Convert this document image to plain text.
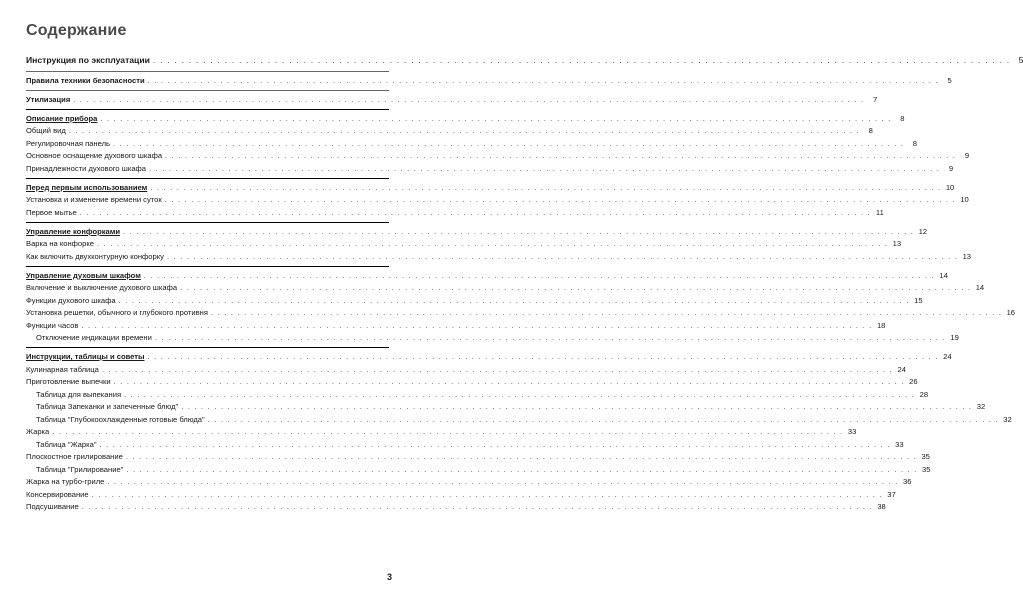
Содержание
Инструкция по эксплуатации . . . . . . . . . . . . . . . . . . . . . . . . . . . . . . . . . . . . . . . . . . . . . . . . . . . . . . . . . . . . . . . . . . . . . . . . . . . . . . . . . . . . . . . . . . . . . . . . . . . . . . . . . . . . . . . . . . . . . . . . 5
Правила техники безопасности . . . . . . . . . . . . . . . . . . . . . . . . . . . . . . . . . . . . . . . . . . . . . . . . . . . . . . . . . . . . . . . . . . . . . . . . . . . . . . . . . . . . . . . . . . . . . . . . . . . . . . . . . . . . . . . . . . . . . . . .	5
Утилизация . . . . . . . . . . . . . . . . . . . . . . . . . . . . . . . . . . . . . . . . . . . . . . . . . . . . . . . . . . . . . . . . . . . . . . . . . . . . . . . . . . . . . . . . . . . . . . . . . . . . . . . . . . . . . . . . . . . . . . . .	7
Описание прибора . . . . . . . . . . . . . . . . . . . . . . . . . . . . . . . . . . . . . . . . . . . . . . . . . . . . . . . . . . . . . . . . . . . . . . . . . . . . . . . . . . . . . . . . . . . . . . . . . . . . . . . . . . . . . . . . . . . . . . . .	8
Общий вид . . . . . . . . . . . . . . . . . . . . . . . . . . . . . . . . . . . . . . . . . . . . . . . . . . . . . . . . . . . . . . . . . . . . . . . . . . . . . . . . . . . . . . . . . . . . . . . . . . . . . . . . . . . . . . . . . . . . . . . .	8
Регулировочная панель . . . . . . . . . . . . . . . . . . . . . . . . . . . . . . . . . . . . . . . . . . . . . . . . . . . . . . . . . . . . . . . . . . . . . . . . . . . . . . . . . . . . . . . . . . . . . . . . . . . . . . . . . . . . . . . . . . . . . . . .	8
Основное оснащение духового шкафа . . . . . . . . . . . . . . . . . . . . . . . . . . . . . . . . . . . . . . . . . . . . . . . . . . . . . . . . . . . . . . . . . . . . . . . . . . . . . . . . . . . . . . . . . . . . . . . . . . . . . . . . . . . . . . . . . . . . . . . .	9
Принадлежности духового шкафа . . . . . . . . . . . . . . . . . . . . . . . . . . . . . . . . . . . . . . . . . . . . . . . . . . . . . . . . . . . . . . . . . . . . . . . . . . . . . . . . . . . . . . . . . . . . . . . . . . . . . . . . . . . . . . . . . . . . . . . .	9
Перед первым использованием . . . . . . . . . . . . . . . . . . . . . . . . . . . . . . . . . . . . . . . . . . . . . . . . . . . . . . . . . . . . . . . . . . . . . . . . . . . . . . . . . . . . . . . . . . . . . . . . . . . . . . . . . . . . . . . . . . . . . . . . 10
Установка и изменение времени суток . . . . . . . . . . . . . . . . . . . . . . . . . . . . . . . . . . . . . . . . . . . . . . . . . . . . . . . . . . . . . . . . . . . . . . . . . . . . . . . . . . . . . . . . . . . . . . . . . . . . . . . . . . . . . . . . . . . . . . . . 10
Первое мытье . . . . . . . . . . . . . . . . . . . . . . . . . . . . . . . . . . . . . . . . . . . . . . . . . . . . . . . . . . . . . . . . . . . . . . . . . . . . . . . . . . . . . . . . . . . . . . . . . . . . . . . . . . . . . . . . . . . . . . . . 11
Управление конфорками . . . . . . . . . . . . . . . . . . . . . . . . . . . . . . . . . . . . . . . . . . . . . . . . . . . . . . . . . . . . . . . . . . . . . . . . . . . . . . . . . . . . . . . . . . . . . . . . . . . . . . . . . . . . . . . . . . . . . . . . 12
Варка на конфорке . . . . . . . . . . . . . . . . . . . . . . . . . . . . . . . . . . . . . . . . . . . . . . . . . . . . . . . . . . . . . . . . . . . . . . . . . . . . . . . . . . . . . . . . . . . . . . . . . . . . . . . . . . . . . . . . . . . . . . . . 13
Как включить двухконтурную конфорку . . . . . . . . . . . . . . . . . . . . . . . . . . . . . . . . . . . . . . . . . . . . . . . . . . . . . . . . . . . . . . . . . . . . . . . . . . . . . . . . . . . . . . . . . . . . . . . . . . . . . . . . . . . . . . . . . . . . . . . . 13
Управление духовым шкафом . . . . . . . . . . . . . . . . . . . . . . . . . . . . . . . . . . . . . . . . . . . . . . . . . . . . . . . . . . . . . . . . . . . . . . . . . . . . . . . . . . . . . . . . . . . . . . . . . . . . . . . . . . . . . . . . . . . . . . . . 14
Включение и выключение духового шкафа . . . . . . . . . . . . . . . . . . . . . . . . . . . . . . . . . . . . . . . . . . . . . . . . . . . . . . . . . . . . . . . . . . . . . . . . . . . . . . . . . . . . . . . . . . . . . . . . . . . . . . . . . . . . . . . . . . . . . . . . 14
Функции духового шкафа . . . . . . . . . . . . . . . . . . . . . . . . . . . . . . . . . . . . . . . . . . . . . . . . . . . . . . . . . . . . . . . . . . . . . . . . . . . . . . . . . . . . . . . . . . . . . . . . . . . . . . . . . . . . . . . . . . . . . . . . 15
Установка решетки, обычного и глубокого противня . . . . . . . . . . . . . . . . . . . . . . . . . . . . . . . . . . . . . . . . . . . . . . . . . . . . . . . . . . . . . . . . . . . . . . . . . . . . . . . . . . . . . . . . . . . . . . . . . . . . . . . . . . . . . . . . . . . . . . . . 16
Функции часов . . . . . . . . . . . . . . . . . . . . . . . . . . . . . . . . . . . . . . . . . . . . . . . . . . . . . . . . . . . . . . . . . . . . . . . . . . . . . . . . . . . . . . . . . . . . . . . . . . . . . . . . . . . . . . . . . . . . . . . . 18
Отключение индикации времени . . . . . . . . . . . . . . . . . . . . . . . . . . . . . . . . . . . . . . . . . . . . . . . . . . . . . . . . . . . . . . . . . . . . . . . . . . . . . . . . . . . . . . . . . . . . . . . . . . . . . . . . . . . . . . . . . . . . . . . . 19
Инструкции, таблицы и советы . . . . . . . . . . . . . . . . . . . . . . . . . . . . . . . . . . . . . . . . . . . . . . . . . . . . . . . . . . . . . . . . . . . . . . . . . . . . . . . . . . . . . . . . . . . . . . . . . . . . . . . . . . . . . . . . . . . . . . . . 24
Кулинарная таблица . . . . . . . . . . . . . . . . . . . . . . . . . . . . . . . . . . . . . . . . . . . . . . . . . . . . . . . . . . . . . . . . . . . . . . . . . . . . . . . . . . . . . . . . . . . . . . . . . . . . . . . . . . . . . . . . . . . . . . . . 24
Приготовление выпечки . . . . . . . . . . . . . . . . . . . . . . . . . . . . . . . . . . . . . . . . . . . . . . . . . . . . . . . . . . . . . . . . . . . . . . . . . . . . . . . . . . . . . . . . . . . . . . . . . . . . . . . . . . . . . . . . . . . . . . . . 26
Таблица для выпекания . . . . . . . . . . . . . . . . . . . . . . . . . . . . . . . . . . . . . . . . . . . . . . . . . . . . . . . . . . . . . . . . . . . . . . . . . . . . . . . . . . . . . . . . . . . . . . . . . . . . . . . . . . . . . . . . . . . . . . . . 28
Таблица Запеканки и запеченные блюд" . . . . . . . . . . . . . . . . . . . . . . . . . . . . . . . . . . . . . . . . . . . . . . . . . . . . . . . . . . . . . . . . . . . . . . . . . . . . . . . . . . . . . . . . . . . . . . . . . . . . . . . . . . . . . . . . . . . . . . . . 32
Таблица "Глубокоохлажденные готовые блюда" . . . . . . . . . . . . . . . . . . . . . . . . . . . . . . . . . . . . . . . . . . . . . . . . . . . . . . . . . . . . . . . . . . . . . . . . . . . . . . . . . . . . . . . . . . . . . . . . . . . . . . . . . . . . . . . . . . . . . . . . 32
Жарка . . . . . . . . . . . . . . . . . . . . . . . . . . . . . . . . . . . . . . . . . . . . . . . . . . . . . . . . . . . . . . . . . . . . . . . . . . . . . . . . . . . . . . . . . . . . . . . . . . . . . . . . . . . . . . . . . . . . . . . . 33
Таблица "Жарка" . . . . . . . . . . . . . . . . . . . . . . . . . . . . . . . . . . . . . . . . . . . . . . . . . . . . . . . . . . . . . . . . . . . . . . . . . . . . . . . . . . . . . . . . . . . . . . . . . . . . . . . . . . . . . . . . . . . . . . . . 33
Плоскостное грилирование . . . . . . . . . . . . . . . . . . . . . . . . . . . . . . . . . . . . . . . . . . . . . . . . . . . . . . . . . . . . . . . . . . . . . . . . . . . . . . . . . . . . . . . . . . . . . . . . . . . . . . . . . . . . . . . . . . . . . . . . 35
Таблица "Грилирование" . . . . . . . . . . . . . . . . . . . . . . . . . . . . . . . . . . . . . . . . . . . . . . . . . . . . . . . . . . . . . . . . . . . . . . . . . . . . . . . . . . . . . . . . . . . . . . . . . . . . . . . . . . . . . . . . . . . . . . . . 35
Жарка на турбо-гриле . . . . . . . . . . . . . . . . . . . . . . . . . . . . . . . . . . . . . . . . . . . . . . . . . . . . . . . . . . . . . . . . . . . . . . . . . . . . . . . . . . . . . . . . . . . . . . . . . . . . . . . . . . . . . . . . . . . . . . . . 36
Консервирование . . . . . . . . . . . . . . . . . . . . . . . . . . . . . . . . . . . . . . . . . . . . . . . . . . . . . . . . . . . . . . . . . . . . . . . . . . . . . . . . . . . . . . . . . . . . . . . . . . . . . . . . . . . . . . . . . . . . . . . . 37
Подсушивание . . . . . . . . . . . . . . . . . . . . . . . . . . . . . . . . . . . . . . . . . . . . . . . . . . . . . . . . . . . . . . . . . . . . . . . . . . . . . . . . . . . . . . . . . . . . . . . . . . . . . . . . . . . . . . . . . . . . . . . . 38
3
